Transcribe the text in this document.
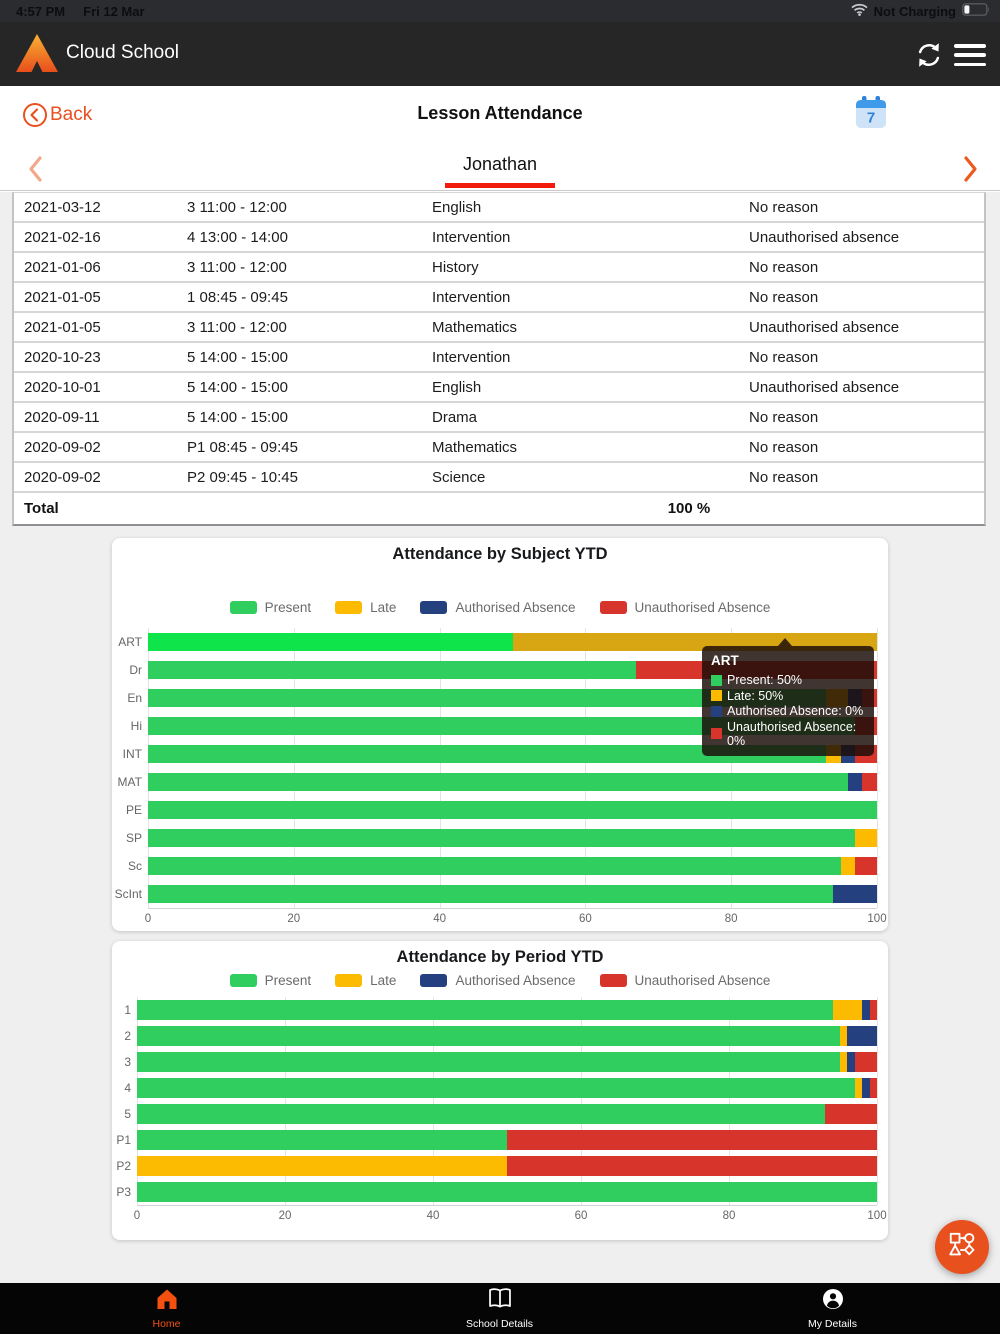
4:57 PM Fri 12 Mar	Not Charging
Cloud School
Back	Lesson Attendance	7
Jonathan
2021-03-12	3 11:00 - 12:00	English	No reason
2021-02-16	4 13:00 - 14:00	Intervention	Unauthorised absence
2021-01-06	3 11:00 - 12:00	History	No reason
2021-01-05	1 08:45 - 09:45	Intervention	No reason
2021-01-05	3 11:00 - 12:00	Mathematics	Unauthorised absence
2020-10-23	5 14:00 - 15:00	Intervention	No reason
2020-10-01	5 14:00 - 15:00	English	Unauthorised absence
2020-09-11	5 14:00 - 15:00	Drama	No reason
2020-09-02	P1 08:45 - 09:45	Mathematics	No reason
2020-09-02	P2 09:45 - 10:45	Science	No reason
Total	100 %
Attendance by Subject YTD
Present	Late	Authorised Absence	Unauthorised Absence
ART
Dr
En
Hi
INT
MAT
PE
SP
Sc
ScInt
0	20	40	60	80	100
ART
Present: 50%
Late: 50%
Authorised Absence: 0%
Unauthorised Absence: 0%
Attendance by Period YTD
Present	Late	Authorised Absence	Unauthorised Absence
1
2
3
4
5
P1
P2
P3
0	20	40	60	80	100
Home	School Details	My Details
